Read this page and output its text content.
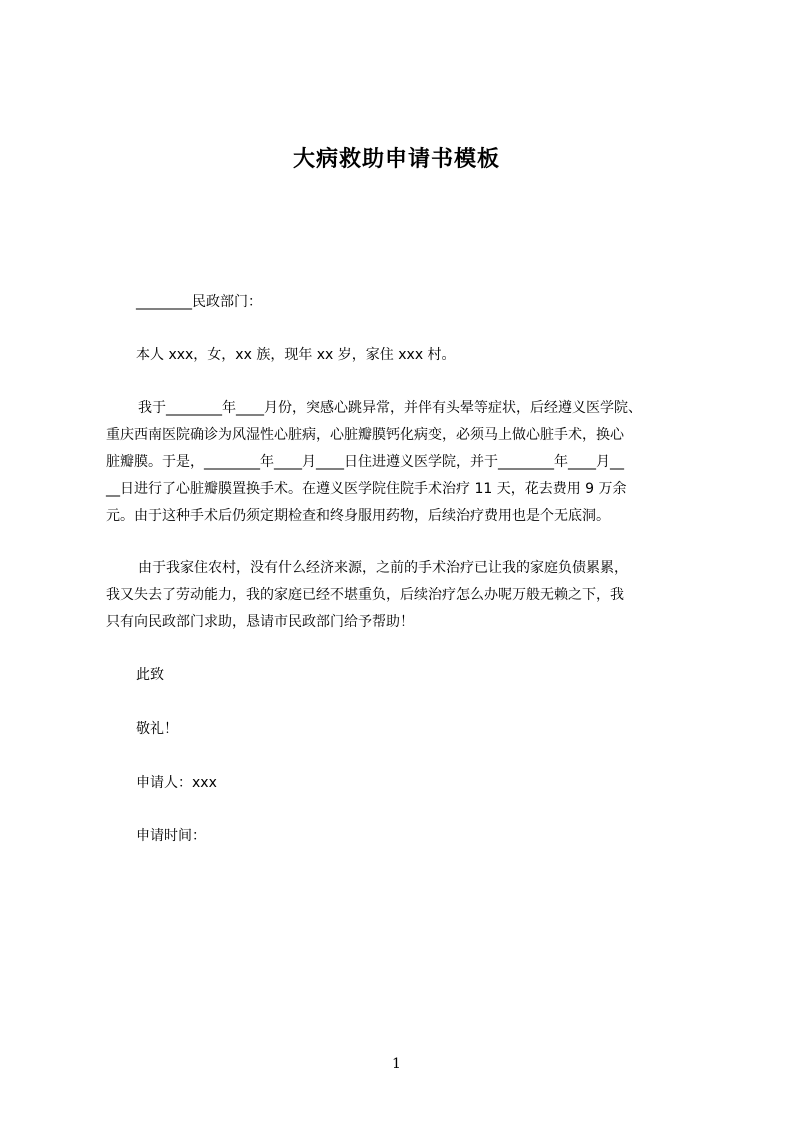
大病救助申请书模板
________民政部门：
本人 xxx，女，xx 族，现年 xx 岁，家住 xxx 村。
我于________年____月份，突感心跳异常，并伴有头晕等症状，后经遵义医学院、
重庆西南医院确诊为风湿性心脏病，心脏瓣膜钙化病变，必须马上做心脏手术，换心
脏瓣膜。于是，________年____月____日住进遵义医学院，并于________年____月__
__日进行了心脏瓣膜置换手术。在遵义医学院住院手术治疗 11 天，花去费用 9 万余
元。由于这种手术后仍须定期检查和终身服用药物，后续治疗费用也是个无底洞。
由于我家住农村，没有什么经济来源，之前的手术治疗已让我的家庭负债累累，
我又失去了劳动能力，我的家庭已经不堪重负，后续治疗怎么办呢万般无赖之下，我
只有向民政部门求助，恳请市民政部门给予帮助！
此致
敬礼！
申请人：xxx
申请时间：
1
